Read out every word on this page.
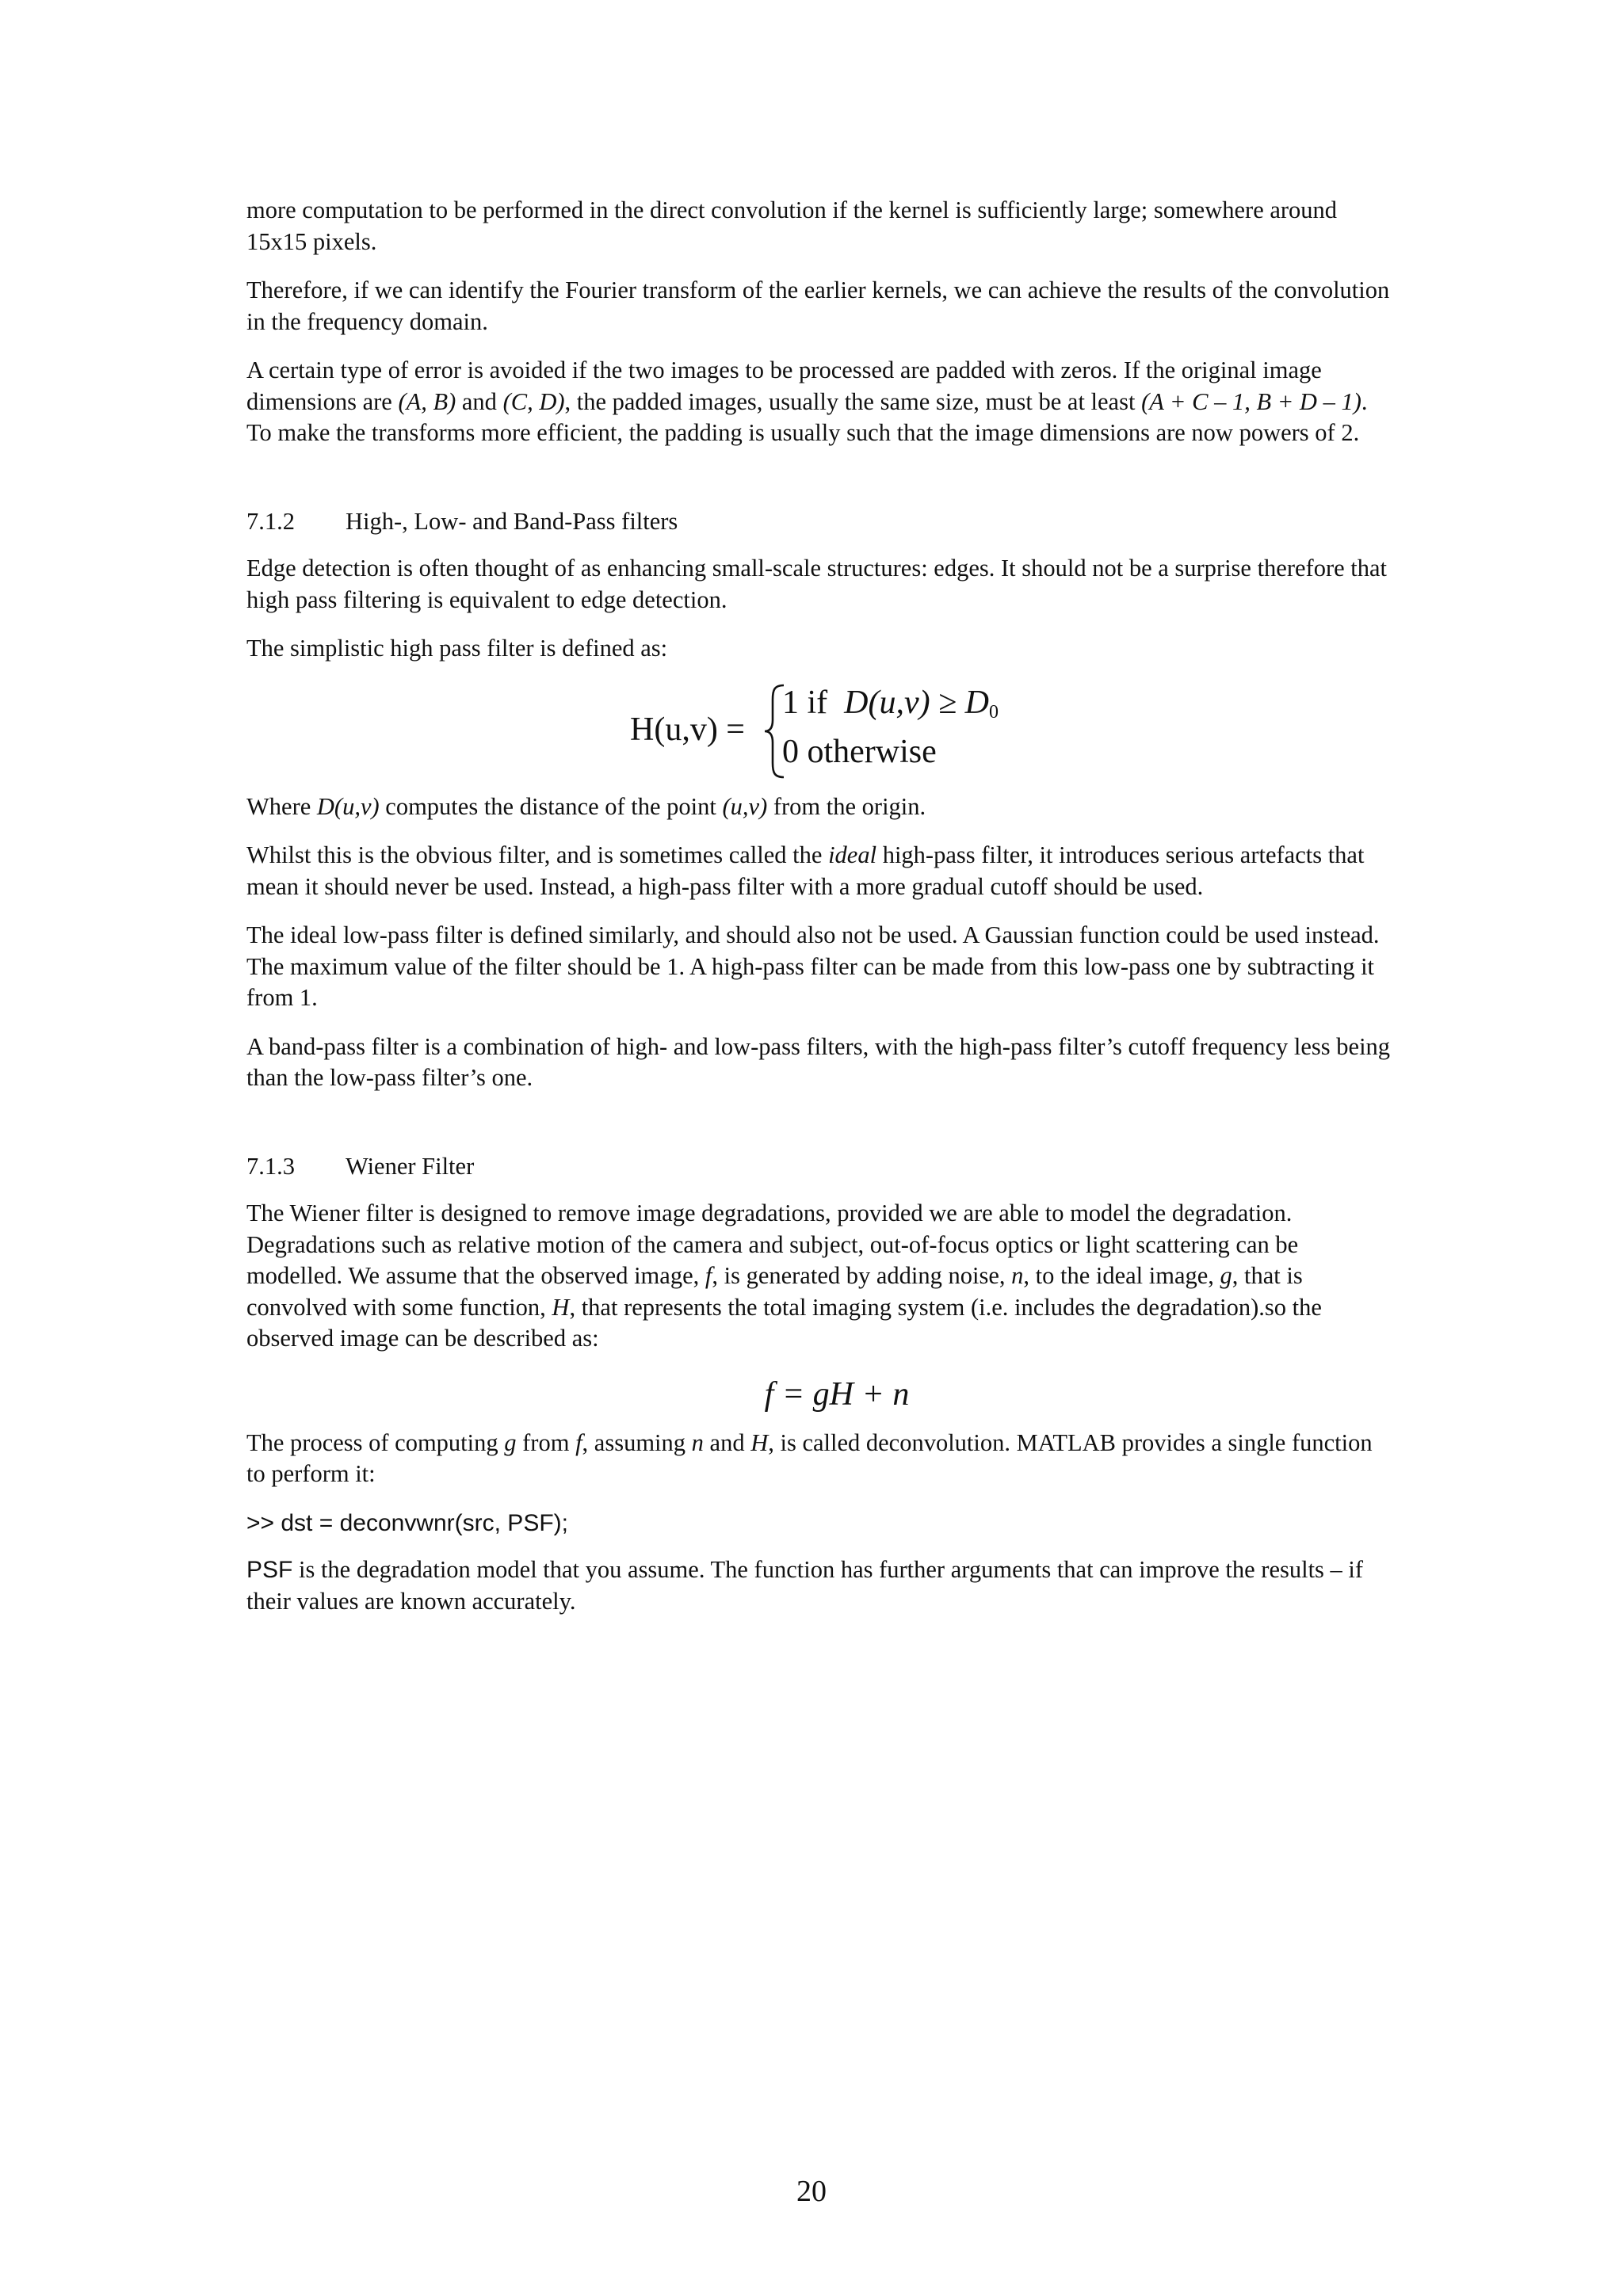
more computation to be performed in the direct convolution if the kernel is sufficiently large; somewhere around 15x15 pixels.

Therefore, if we can identify the Fourier transform of the earlier kernels, we can achieve the results of the convolution in the frequency domain.

A certain type of error is avoided if the two images to be processed are padded with zeros. If the original image dimensions are (A, B) and (C, D), the padded images, usually the same size, must be at least (A + C – 1, B + D – 1). To make the transforms more efficient, the padding is usually such that the image dimensions are now powers of 2.

7.1.2	High-, Low- and Band-Pass filters

Edge detection is often thought of as enhancing small-scale structures: edges. It should not be a surprise therefore that high pass filtering is equivalent to edge detection.

The simplistic high pass filter is defined as:

H(u,v) =
1 if $D(u,v) \ge D_0$
0 otherwise

Where D(u,v) computes the distance of the point (u,v) from the origin.

Whilst this is the obvious filter, and is sometimes called the ideal high-pass filter, it introduces serious artefacts that mean it should never be used. Instead, a high-pass filter with a more gradual cutoff should be used.

The ideal low-pass filter is defined similarly, and should also not be used. A Gaussian function could be used instead. The maximum value of the filter should be 1. A high-pass filter can be made from this low-pass one by subtracting it from 1.

A band-pass filter is a combination of high- and low-pass filters, with the high-pass filter’s cutoff frequency less being than the low-pass filter’s one.

7.1.3	Wiener Filter

The Wiener filter is designed to remove image degradations, provided we are able to model the degradation. Degradations such as relative motion of the camera and subject, out-of-focus optics or light scattering can be modelled. We assume that the observed image, f, is generated by adding noise, n, to the ideal image, g, that is convolved with some function, H, that represents the total imaging system (i.e. includes the degradation).so the observed image can be described as:

f = gH + n

The process of computing g from f, assuming n and H, is called deconvolution. MATLAB provides a single function to perform it:

>> dst = deconvwnr(src, PSF);

PSF is the degradation model that you assume. The function has further arguments that can improve the results – if their values are known accurately.

20
